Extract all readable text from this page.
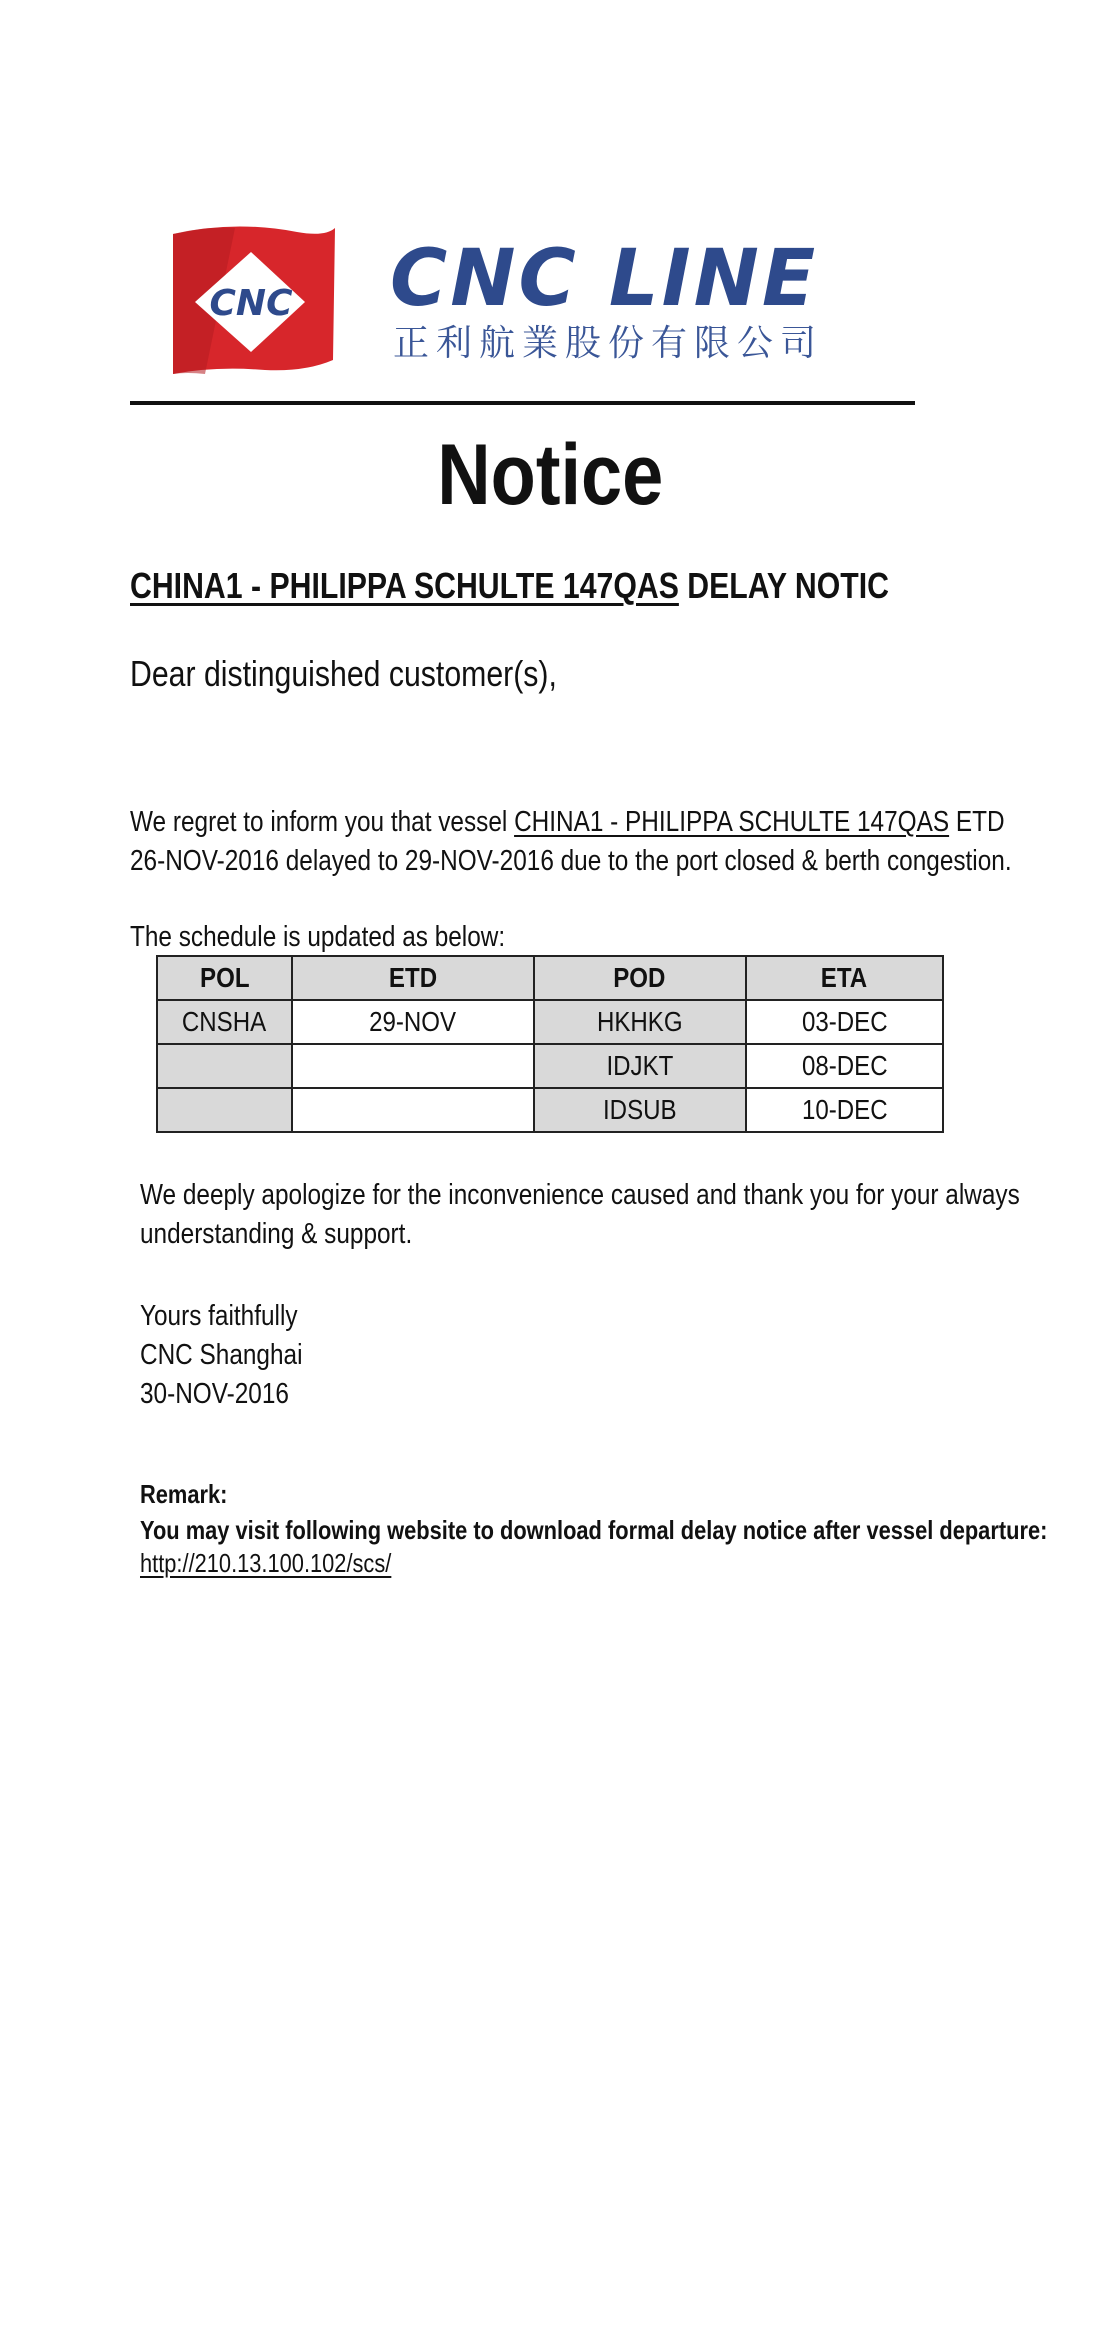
CNC CNC LINE
正利航業股份有限公司
Notice
CHINA1 - PHILIPPA SCHULTE 147QAS DELAY NOTIC
Dear distinguished customer(s),
We regret to inform you that vessel CHINA1 - PHILIPPA SCHULTE 147QAS ETD
26-NOV-2016 delayed to 29-NOV-2016 due to the port closed & berth congestion.
The schedule is updated as below:
POL	ETD	POD	ETA
CNSHA	29-NOV	HKHKG	03-DEC
		IDJKT	08-DEC
		IDSUB	10-DEC
We deeply apologize for the inconvenience caused and thank you for your always
understanding & support.
Yours faithfully
CNC Shanghai
30-NOV-2016
Remark:
You may visit following website to download formal delay notice after vessel departure:
http://210.13.100.102/scs/
